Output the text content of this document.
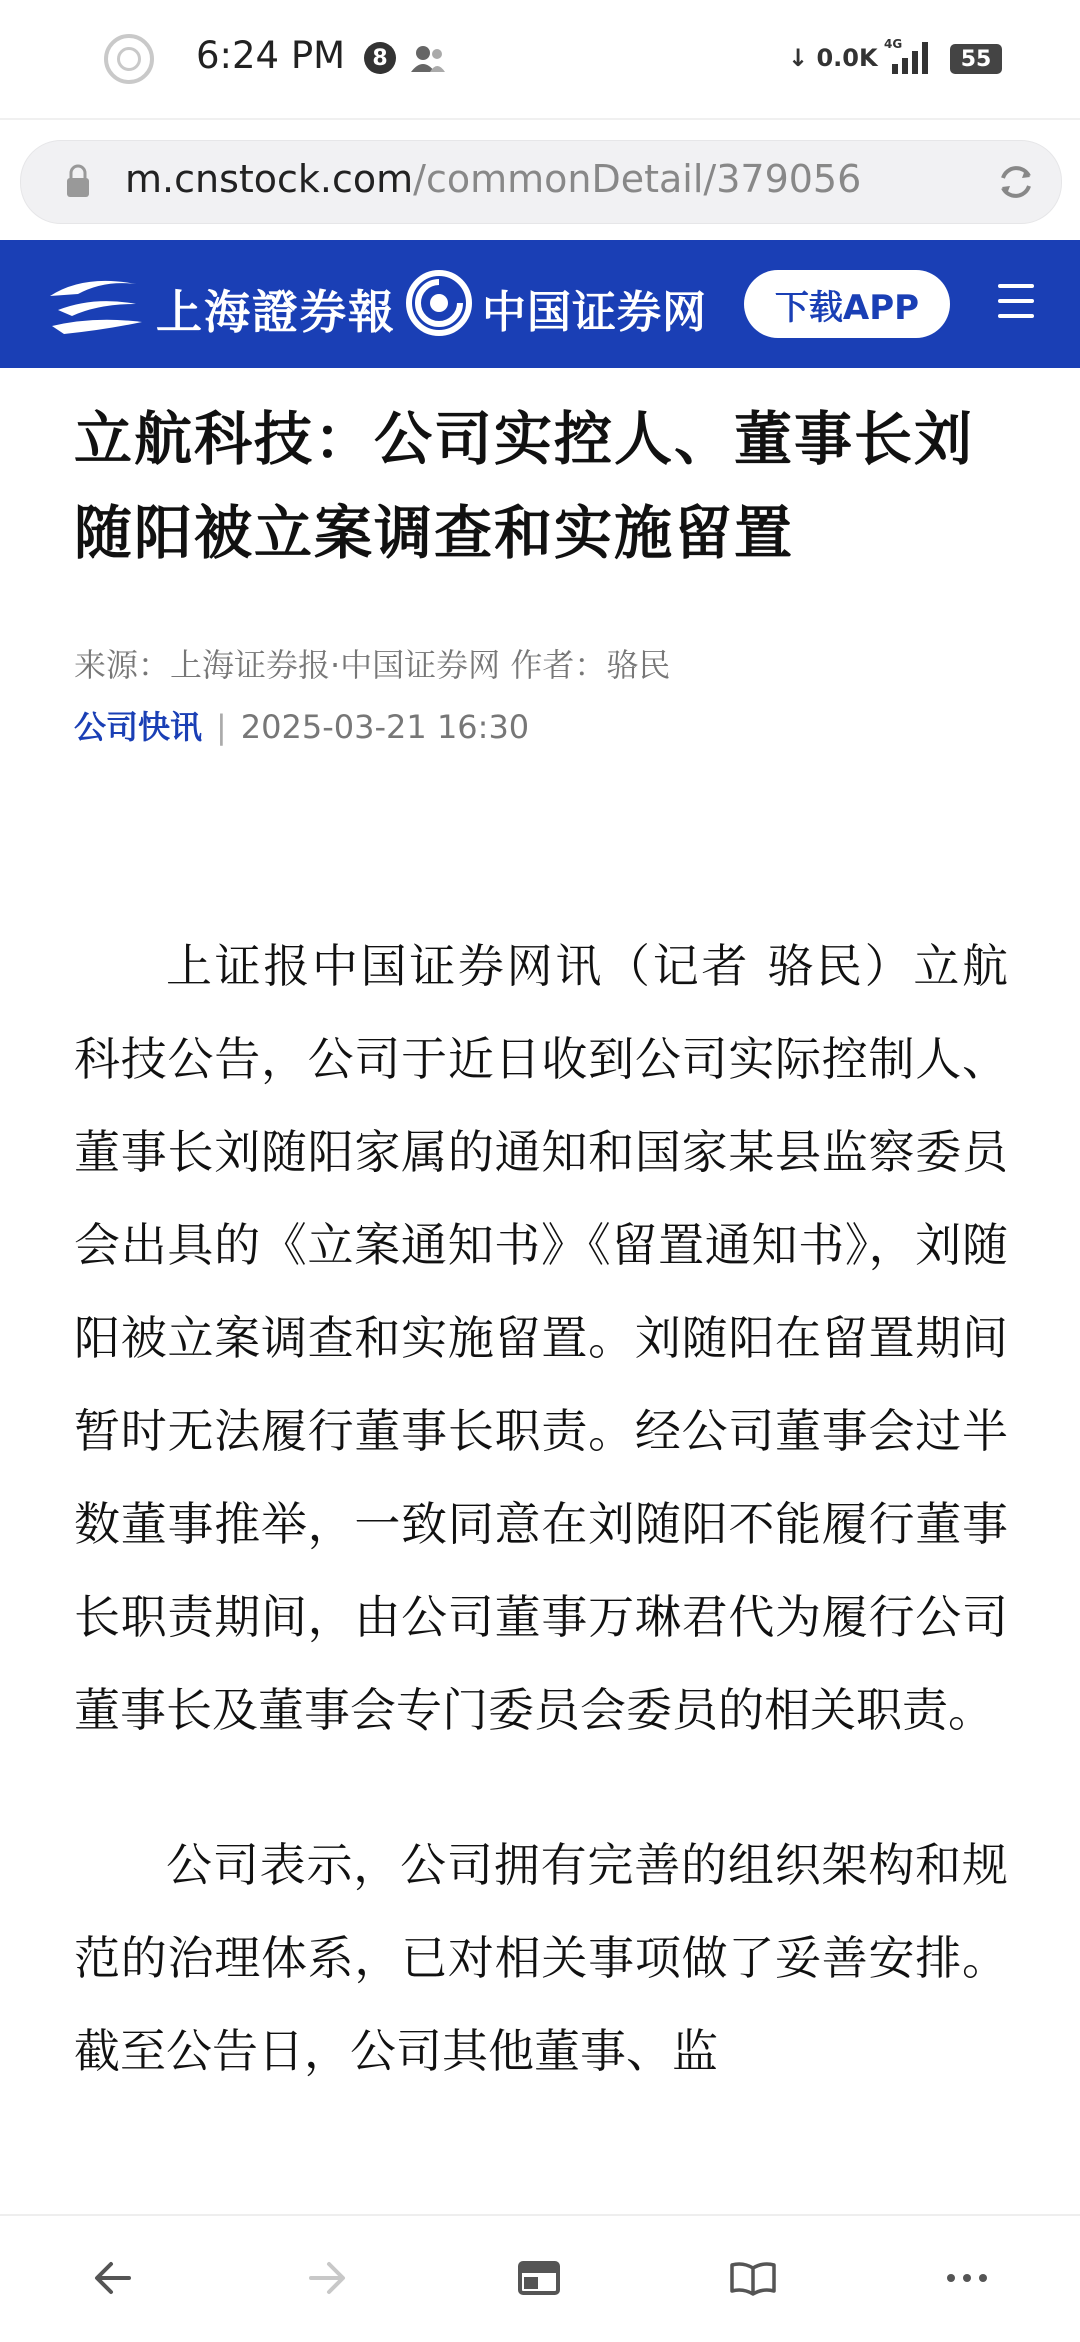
6:24 PM	8	↓ 0.0K 4G
55
m.cnstock.com/commonDetail/379056
上海證券報 中国证券网	下载APP
立航科技：公司实控人、董事长刘随阳被立案调查和实施留置
来源：上海证券报·中国证券网 作者：骆民
公司快讯 | 2025-03-21 16:30

上证报中国证券网讯（记者 骆民）立航科技公告，公司于近日收到公司实际控制人、董事长刘随阳家属的通知和国家某县监察委员会出具的《立案通知书》《留置通知书》，刘随阳被立案调查和实施留置。刘随阳在留置期间暂时无法履行董事长职责。经公司董事会过半数董事推举，一致同意在刘随阳不能履行董事长职责期间，由公司董事万琳君代为履行公司董事长及董事会专门委员会委员的相关职责。

公司表示，公司拥有完善的组织架构和规范的治理体系，已对相关事项做了妥善安排。截至公告日，公司其他董事、监
